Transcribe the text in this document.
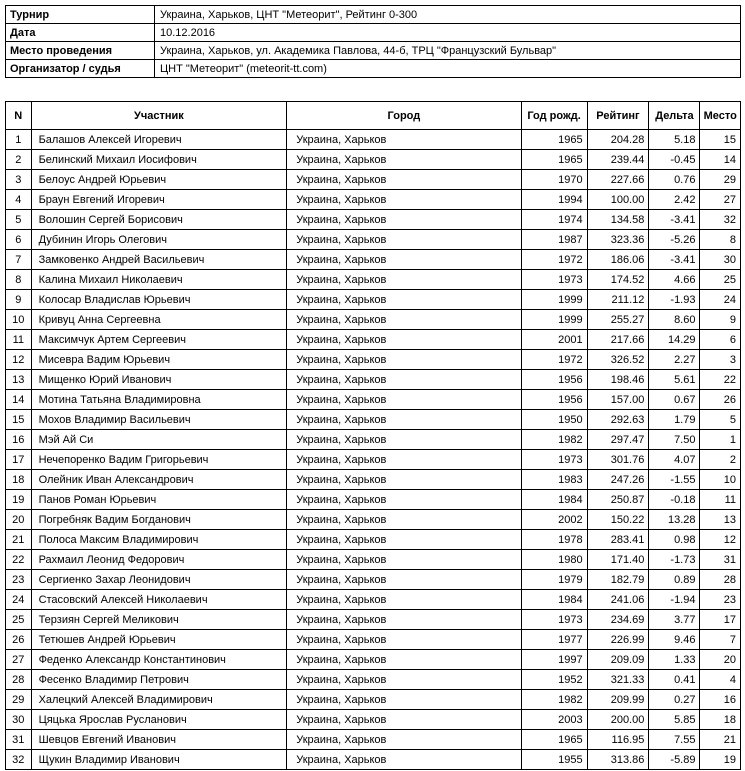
Турнир	Украина, Харьков, ЦНТ "Метеорит", Рейтинг 0-300
Дата	10.12.2016
Место проведения	Украина, Харьков, ул. Академика Павлова, 44-б, ТРЦ "Французский Бульвар"
Организатор / судья	ЦНТ "Метеорит" (meteorit-tt.com)
N	Участник	Город	Год рожд.	Рейтинг	Дельта	Место
1	Балашов Алексей Игоревич	Украина, Харьков	1965	204.28	5.18	15
2	Белинский Михаил Иосифович	Украина, Харьков	1965	239.44	-0.45	14
3	Белоус Андрей Юрьевич	Украина, Харьков	1970	227.66	0.76	29
4	Браун Евгений Игоревич	Украина, Харьков	1994	100.00	2.42	27
5	Волошин Сергей Борисович	Украина, Харьков	1974	134.58	-3.41	32
6	Дубинин Игорь Олегович	Украина, Харьков	1987	323.36	-5.26	8
7	Замковенко Андрей Васильевич	Украина, Харьков	1972	186.06	-3.41	30
8	Калина Михаил Николаевич	Украина, Харьков	1973	174.52	4.66	25
9	Колосар Владислав Юрьевич	Украина, Харьков	1999	211.12	-1.93	24
10	Кривуц Анна Сергеевна	Украина, Харьков	1999	255.27	8.60	9
11	Максимчук Артем Сергеевич	Украина, Харьков	2001	217.66	14.29	6
12	Мисевра Вадим Юрьевич	Украина, Харьков	1972	326.52	2.27	3
13	Мищенко Юрий Иванович	Украина, Харьков	1956	198.46	5.61	22
14	Мотина Татьяна Владимировна	Украина, Харьков	1956	157.00	0.67	26
15	Мохов Владимир Васильевич	Украина, Харьков	1950	292.63	1.79	5
16	Мэй Ай Си	Украина, Харьков	1982	297.47	7.50	1
17	Нечепоренко Вадим Григорьевич	Украина, Харьков	1973	301.76	4.07	2
18	Олейник Иван Александрович	Украина, Харьков	1983	247.26	-1.55	10
19	Панов Роман Юрьевич	Украина, Харьков	1984	250.87	-0.18	11
20	Погребняк Вадим Богданович	Украина, Харьков	2002	150.22	13.28	13
21	Полоса Максим Владимирович	Украина, Харьков	1978	283.41	0.98	12
22	Рахмаил Леонид Федорович	Украина, Харьков	1980	171.40	-1.73	31
23	Сергиенко Захар Леонидович	Украина, Харьков	1979	182.79	0.89	28
24	Стасовский Алексей Николаевич	Украина, Харьков	1984	241.06	-1.94	23
25	Терзиян Сергей Меликович	Украина, Харьков	1973	234.69	3.77	17
26	Тетюшев Андрей Юрьевич	Украина, Харьков	1977	226.99	9.46	7
27	Феденко Александр Константинович	Украина, Харьков	1997	209.09	1.33	20
28	Фесенко Владимир Петрович	Украина, Харьков	1952	321.33	0.41	4
29	Халецкий Алексей Владимирович	Украина, Харьков	1982	209.99	0.27	16
30	Цяцька Ярослав Русланович	Украина, Харьков	2003	200.00	5.85	18
31	Шевцов Евгений Иванович	Украина, Харьков	1965	116.95	7.55	21
32	Щукин Владимир Иванович	Украина, Харьков	1955	313.86	-5.89	19
